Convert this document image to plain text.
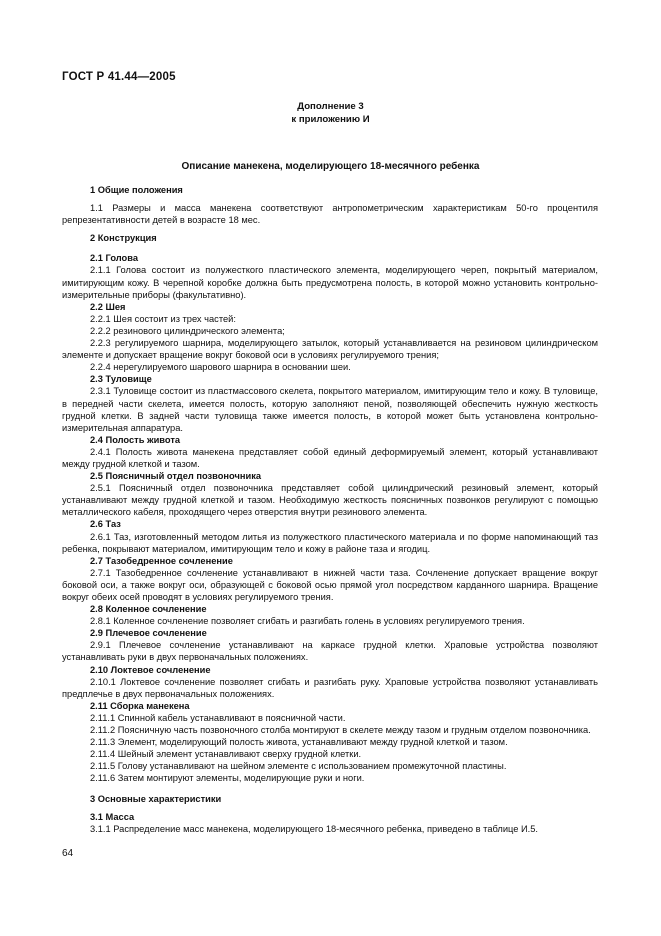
ГОСТ Р 41.44—2005
Дополнение 3
к приложению И
Описание манекена, моделирующего 18-месячного ребенка

1 Общие положения

1.1 Размеры и масса манекена соответствуют антропометрическим характеристикам 50-го процентиля репрезентативности детей в возрасте 18 мес.

2 Конструкция

2.1 Голова

2.1.1 Голова состоит из полужесткого пластического элемента, моделирующего череп, покрытый материалом, имитирующим кожу. В черепной коробке должна быть предусмотрена полость, в которой можно установить контрольно-измерительные приборы (факультативно).

2.2 Шея

2.2.1 Шея состоит из трех частей:

2.2.2 резинового цилиндрического элемента;

2.2.3 регулируемого шарнира, моделирующего затылок, который устанавливается на резиновом цилиндрическом элементе и допускает вращение вокруг боковой оси в условиях регулируемого трения;

2.2.4 нерегулируемого шарового шарнира в основании шеи.

2.3 Туловище

2.3.1 Туловище состоит из пластмассового скелета, покрытого материалом, имитирующим тело и кожу. В туловище, в передней части скелета, имеется полость, которую заполняют пеной, позволяющей обеспечить нужную жесткость грудной клетки. В задней части туловища также имеется полость, в которой может быть установлена контрольно-измерительная аппаратура.

2.4 Полость живота

2.4.1 Полость живота манекена представляет собой единый деформируемый элемент, который устанавливают между грудной клеткой и тазом.

2.5 Поясничный отдел позвоночника

2.5.1 Поясничный отдел позвоночника представляет собой цилиндрический резиновый элемент, который устанавливают между грудной клеткой и тазом. Необходимую жесткость поясничных позвонков регулируют с помощью металлического кабеля, проходящего через отверстия внутри резинового элемента.

2.6 Таз

2.6.1 Таз, изготовленный методом литья из полужесткого пластического материала и по форме напоминающий таз ребенка, покрывают материалом, имитирующим тело и кожу в районе таза и ягодиц.

2.7 Тазобедренное сочленение

2.7.1 Тазобедренное сочленение устанавливают в нижней части таза. Сочленение допускает вращение вокруг боковой оси, а также вокруг оси, образующей с боковой осью прямой угол посредством карданного шарнира. Вращение вокруг обеих осей проводят в условиях регулируемого трения.

2.8 Коленное сочленение

2.8.1 Коленное сочленение позволяет сгибать и разгибать голень в условиях регулируемого трения.

2.9 Плечевое сочленение

2.9.1 Плечевое сочленение устанавливают на каркасе грудной клетки. Храповые устройства позволяют устанавливать руки в двух первоначальных положениях.

2.10 Локтевое сочленение

2.10.1 Локтевое сочленение позволяет сгибать и разгибать руку. Храповые устройства позволяют устанавливать предплечье в двух первоначальных положениях.

2.11 Сборка манекена

2.11.1 Спинной кабель устанавливают в поясничной части.

2.11.2 Поясничную часть позвоночного столба монтируют в скелете между тазом и грудным отделом позвоночника.

2.11.3 Элемент, моделирующий полость живота, устанавливают между грудной клеткой и тазом.

2.11.4 Шейный элемент устанавливают сверху грудной клетки.

2.11.5 Голову устанавливают на шейном элементе с использованием промежуточной пластины.

2.11.6 Затем монтируют элементы, моделирующие руки и ноги.

3 Основные характеристики

3.1 Масса

3.1.1 Распределение масс манекена, моделирующего 18-месячного ребенка, приведено в таблице И.5.

64
